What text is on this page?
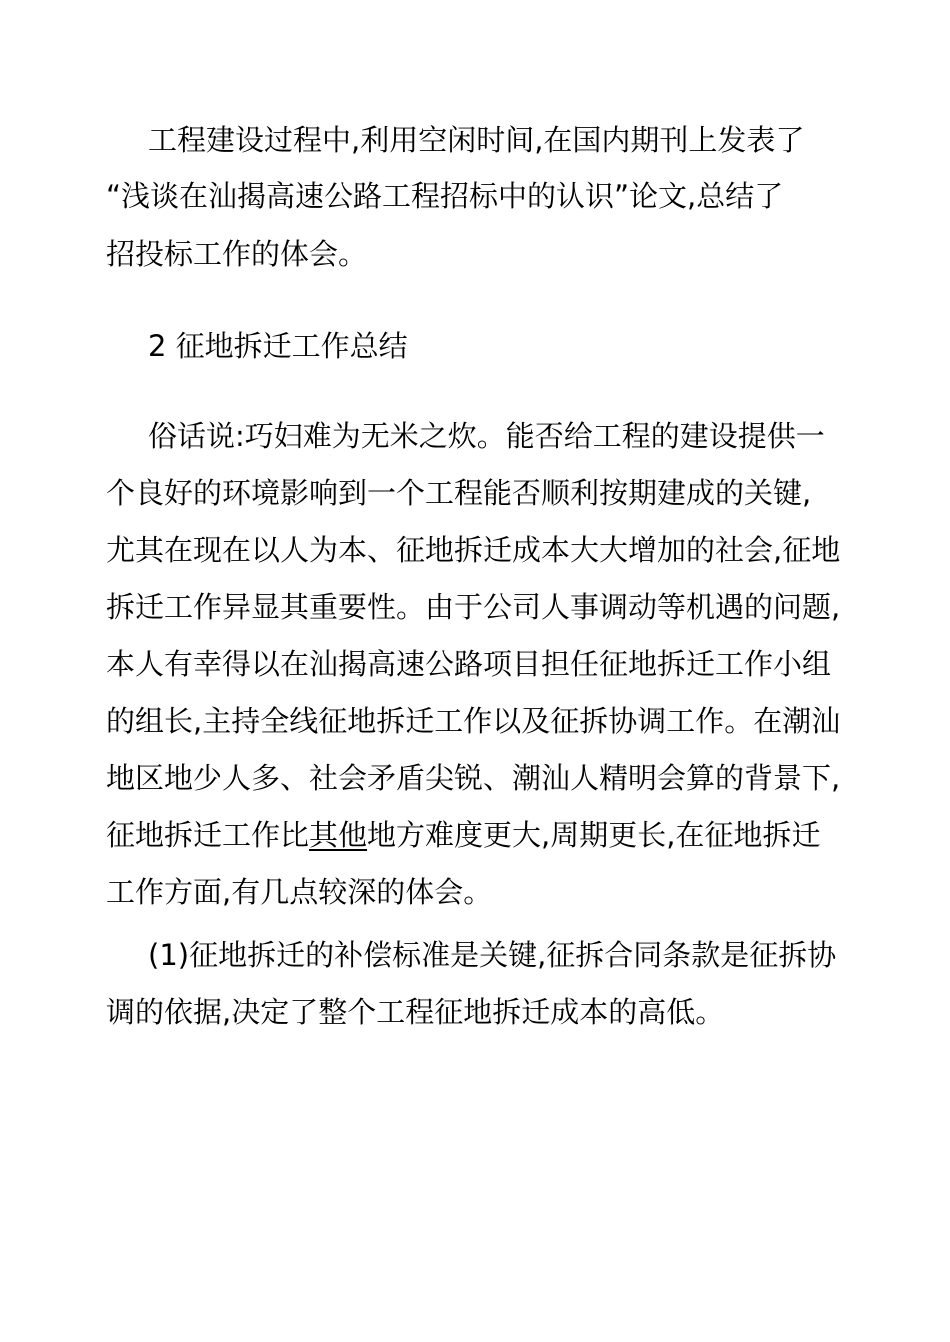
工程建设过程中,利用空闲时间,在国内期刊上发表了
“浅谈在汕揭高速公路工程招标中的认识”论文,总结了
招投标工作的体会。
2 征地拆迁工作总结
俗话说:巧妇难为无米之炊。能否给工程的建设提供一
个良好的环境影响到一个工程能否顺利按期建成的关键,
尤其在现在以人为本、征地拆迁成本大大增加的社会,征地
拆迁工作异显其重要性。由于公司人事调动等机遇的问题,
本人有幸得以在汕揭高速公路项目担任征地拆迁工作小组
的组长,主持全线征地拆迁工作以及征拆协调工作。在潮汕
地区地少人多、社会矛盾尖锐、潮汕人精明会算的背景下,
征地拆迁工作比其他地方难度更大,周期更长,在征地拆迁
工作方面,有几点较深的体会。
(1)征地拆迁的补偿标准是关键,征拆合同条款是征拆协
调的依据,决定了整个工程征地拆迁成本的高低。
